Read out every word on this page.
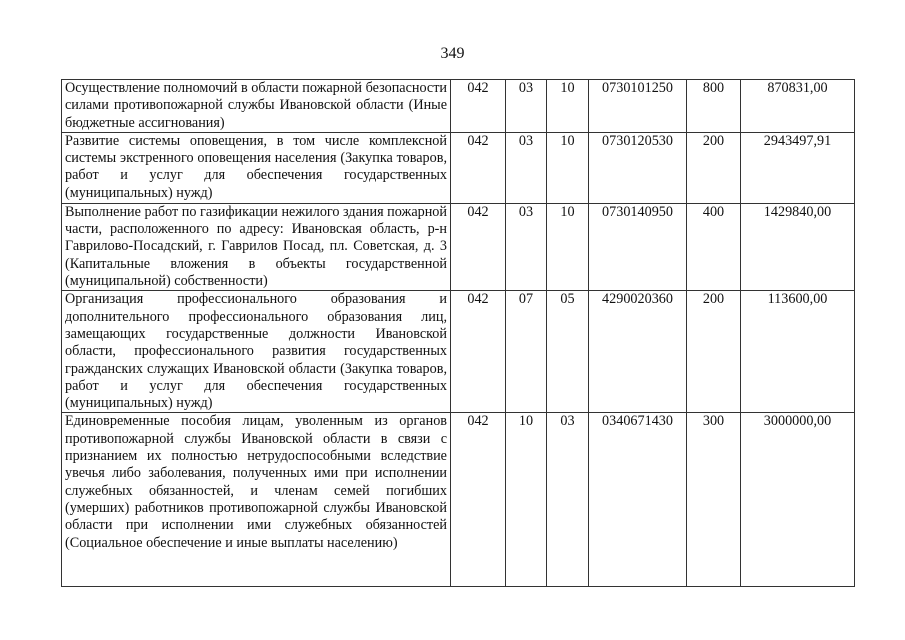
349
Осуществление полномочий в области пожарной безопасности силами противопожарной службы Ивановской области (Иные бюджетные ассигнования)	042	03	10	0730101250	800	870831,00
Развитие системы оповещения, в том числе комплексной системы экстренного оповещения населения (Закупка товаров, работ и услуг для обеспечения государственных (муниципальных) нужд)	042	03	10	0730120530	200	2943497,91
Выполнение работ по газификации нежилого здания пожарной части, расположенного по адресу: Ивановская область, р-н Гаврилово-Посадский, г. Гаврилов Посад, пл. Советская, д. 3 (Капитальные вложения в объекты государственной (муниципальной) собственности)	042	03	10	0730140950	400	1429840,00
Организация профессионального образования и дополнительного профессионального образования лиц, замещающих государственные должности Ивановской области, профессионального развития государственных гражданских служащих Ивановской области (Закупка товаров, работ и услуг для обеспечения государственных (муниципальных) нужд)	042	07	05	4290020360	200	113600,00
Единовременные пособия лицам, уволенным из органов противопожарной службы Ивановской области в связи с признанием их полностью нетрудоспособными вследствие увечья либо заболевания, полученных ими при исполнении служебных обязанностей, и членам семей погибших (умерших) работников противопожарной службы Ивановской области при исполнении ими служебных обязанностей (Социальное обеспечение и иные выплаты населению)	042	10	03	0340671430	300	3000000,00
